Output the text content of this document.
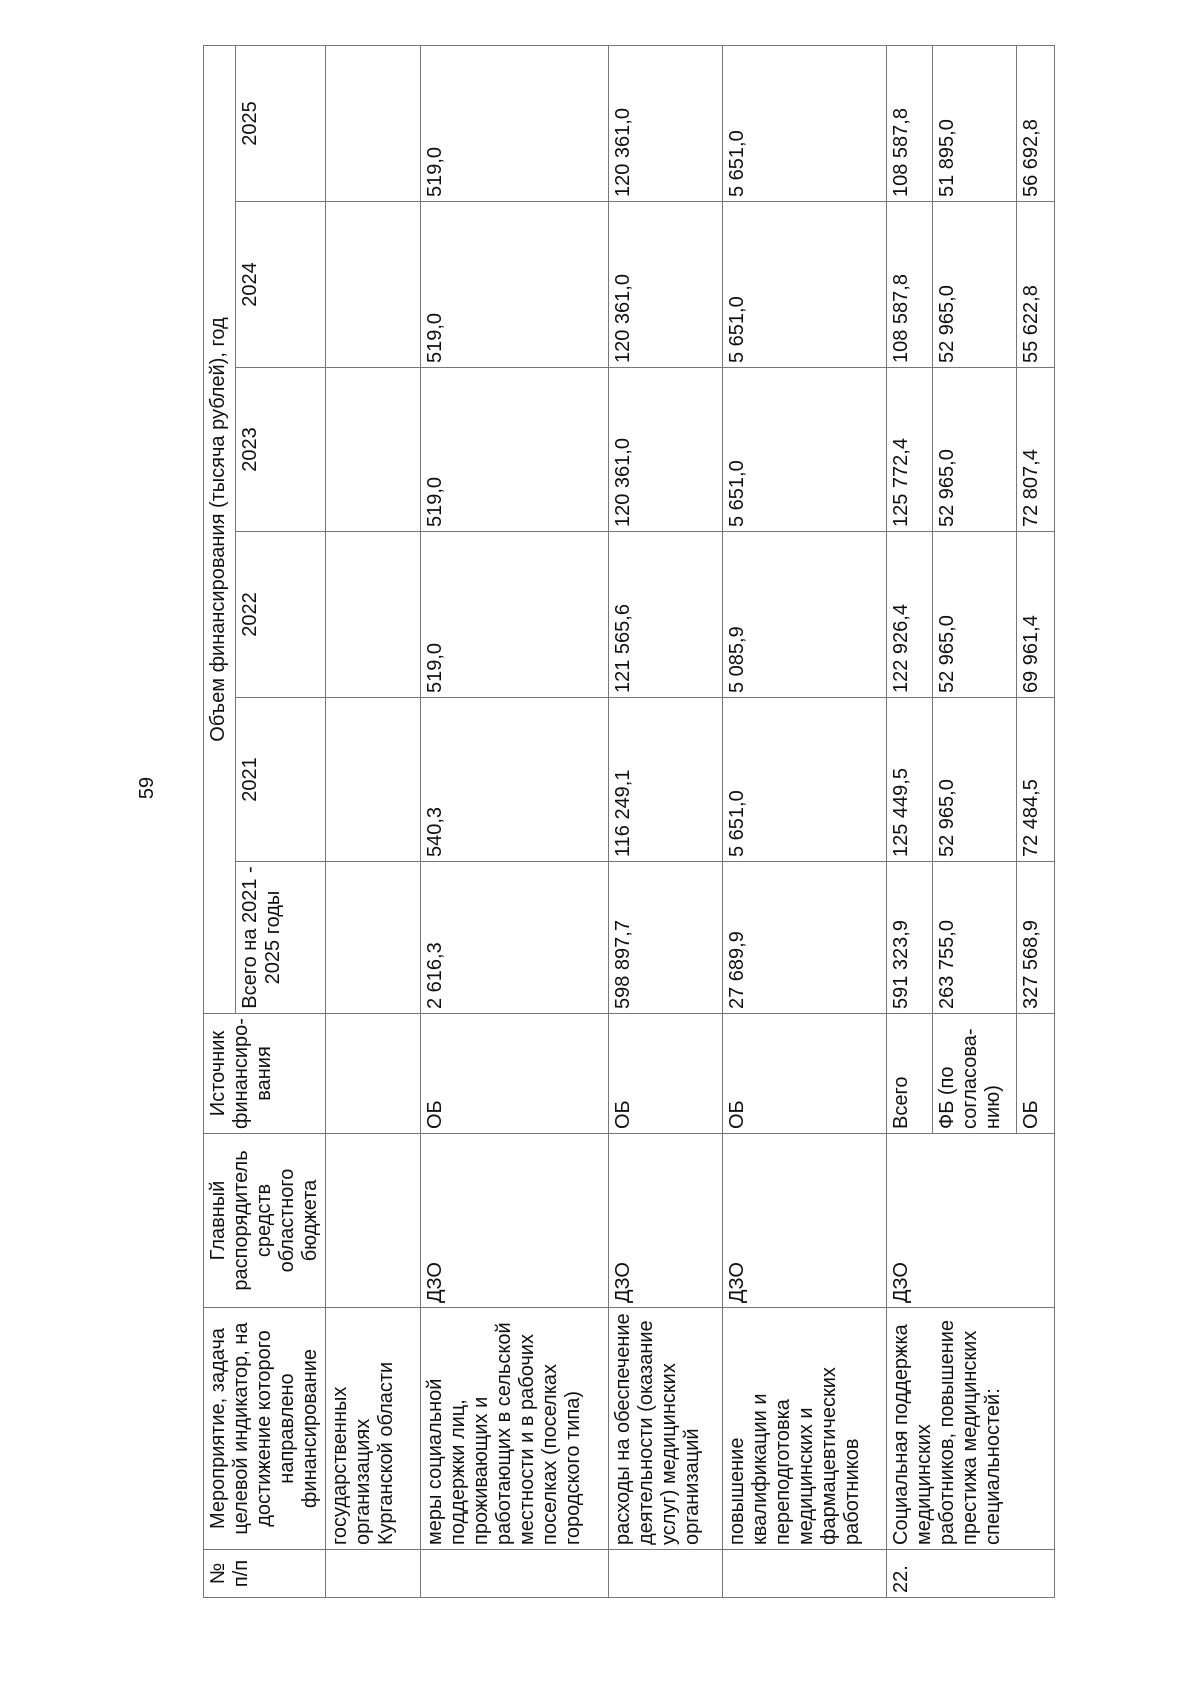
59
№ п/п	Мероприятие, задача целевой индикатор, на достижение которого направлено финансирование	Главный распорядитель средств областного бюджета	Источник финансиро-вания	Объем финансирования (тысяча рублей), год					
				Всего на 2021 - 2025 годы	2021	2022	2023	2024	2025
	государственных организациях Курганской области								
	меры социальной поддержки лиц, проживающих и работающих в сельской местности и в рабочих поселках (поселках городского типа)	ДЗО	ОБ	2 616,3	540,3	519,0	519,0	519,0	519,0
	расходы на обеспечение деятельности (оказание услуг) медицинских организаций	ДЗО	ОБ	598 897,7	116 249,1	121 565,6	120 361,0	120 361,0	120 361,0
	повышение квалификации и переподготовка медицинских и фармацевтических работников	ДЗО	ОБ	27 689,9	5 651,0	5 085,9	5 651,0	5 651,0	5 651,0
22.	Социальная поддержка медицинских работников, повышение престижа медицинских специальностей:	ДЗО	Всего	591 323,9	125 449,5	122 926,4	125 772,4	108 587,8	108 587,8
			ФБ (по согласова-нию)	263 755,0	52 965,0	52 965,0	52 965,0	52 965,0	51 895,0
			ОБ	327 568,9	72 484,5	69 961,4	72 807,4	55 622,8	56 692,8
